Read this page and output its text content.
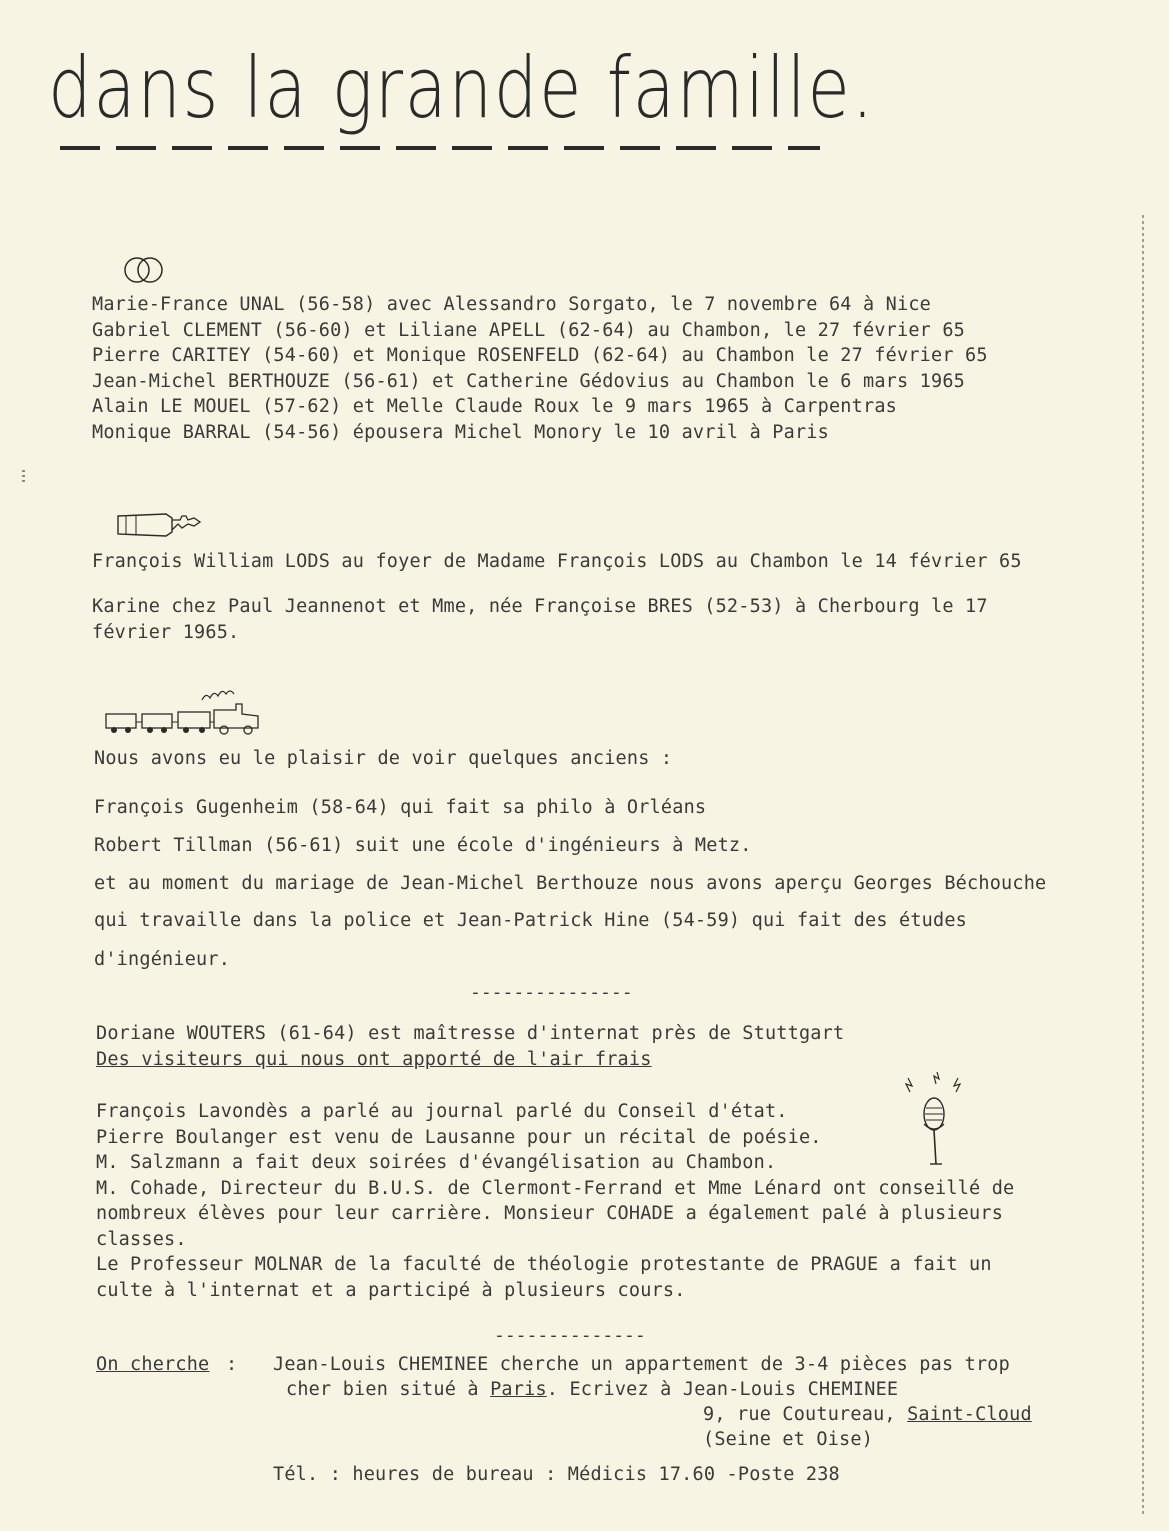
dans la grande famille.
Marie-France UNAL (56-58) avec Alessandro Sorgato, le 7 novembre 64 à Nice
Gabriel CLEMENT (56-60) et Liliane APELL (62-64) au Chambon, le 27 février 65
Pierre CARITEY (54-60) et Monique ROSENFELD (62-64) au Chambon le 27 février 65
Jean-Michel BERTHOUZE (56-61) et Catherine Gédovius au Chambon le 6 mars 1965
Alain LE MOUEL (57-62) et Melle Claude Roux le 9 mars 1965 à Carpentras
Monique BARRAL (54-56) épousera Michel Monory le 10 avril à Paris
François William LODS au foyer de Madame François LODS au Chambon le 14 février 65
Karine chez Paul Jeannenot et Mme, née Françoise BRES (52-53) à Cherbourg le 17
février 1965.
Nous avons eu le plaisir de voir quelques anciens :
François Gugenheim (58-64) qui fait sa philo à Orléans
Robert Tillman (56-61) suit une école d'ingénieurs à Metz.
et au moment du mariage de Jean-Michel Berthouze nous avons aperçu Georges Béchouche
qui travaille dans la police et Jean-Patrick Hine (54-59) qui fait des études
d'ingénieur.
---------------
Doriane WOUTERS (61-64) est maîtresse d'internat près de Stuttgart
Des visiteurs qui nous ont apporté de l'air frais
François Lavondès a parlé au journal parlé du Conseil d'état.
Pierre Boulanger est venu de Lausanne pour un récital de poésie.
M. Salzmann a fait deux soirées d'évangélisation au Chambon.
M. Cohade, Directeur du B.U.S. de Clermont-Ferrand et Mme Lénard ont conseillé de
nombreux élèves pour leur carrière. Monsieur COHADE a également palé à plusieurs
classes.
Le Professeur MOLNAR de la faculté de théologie protestante de PRAGUE a fait un
culte à l'internat et a participé à plusieurs cours.
--------------
On cherche : Jean-Louis CHEMINEE cherche un appartement de 3-4 pièces pas trop
cher bien situé à Paris. Ecrivez à Jean-Louis CHEMINEE
9, rue Coutureau, Saint-Cloud
(Seine et Oise)
Tél. : heures de bureau : Médicis 17.60 -Poste 238
